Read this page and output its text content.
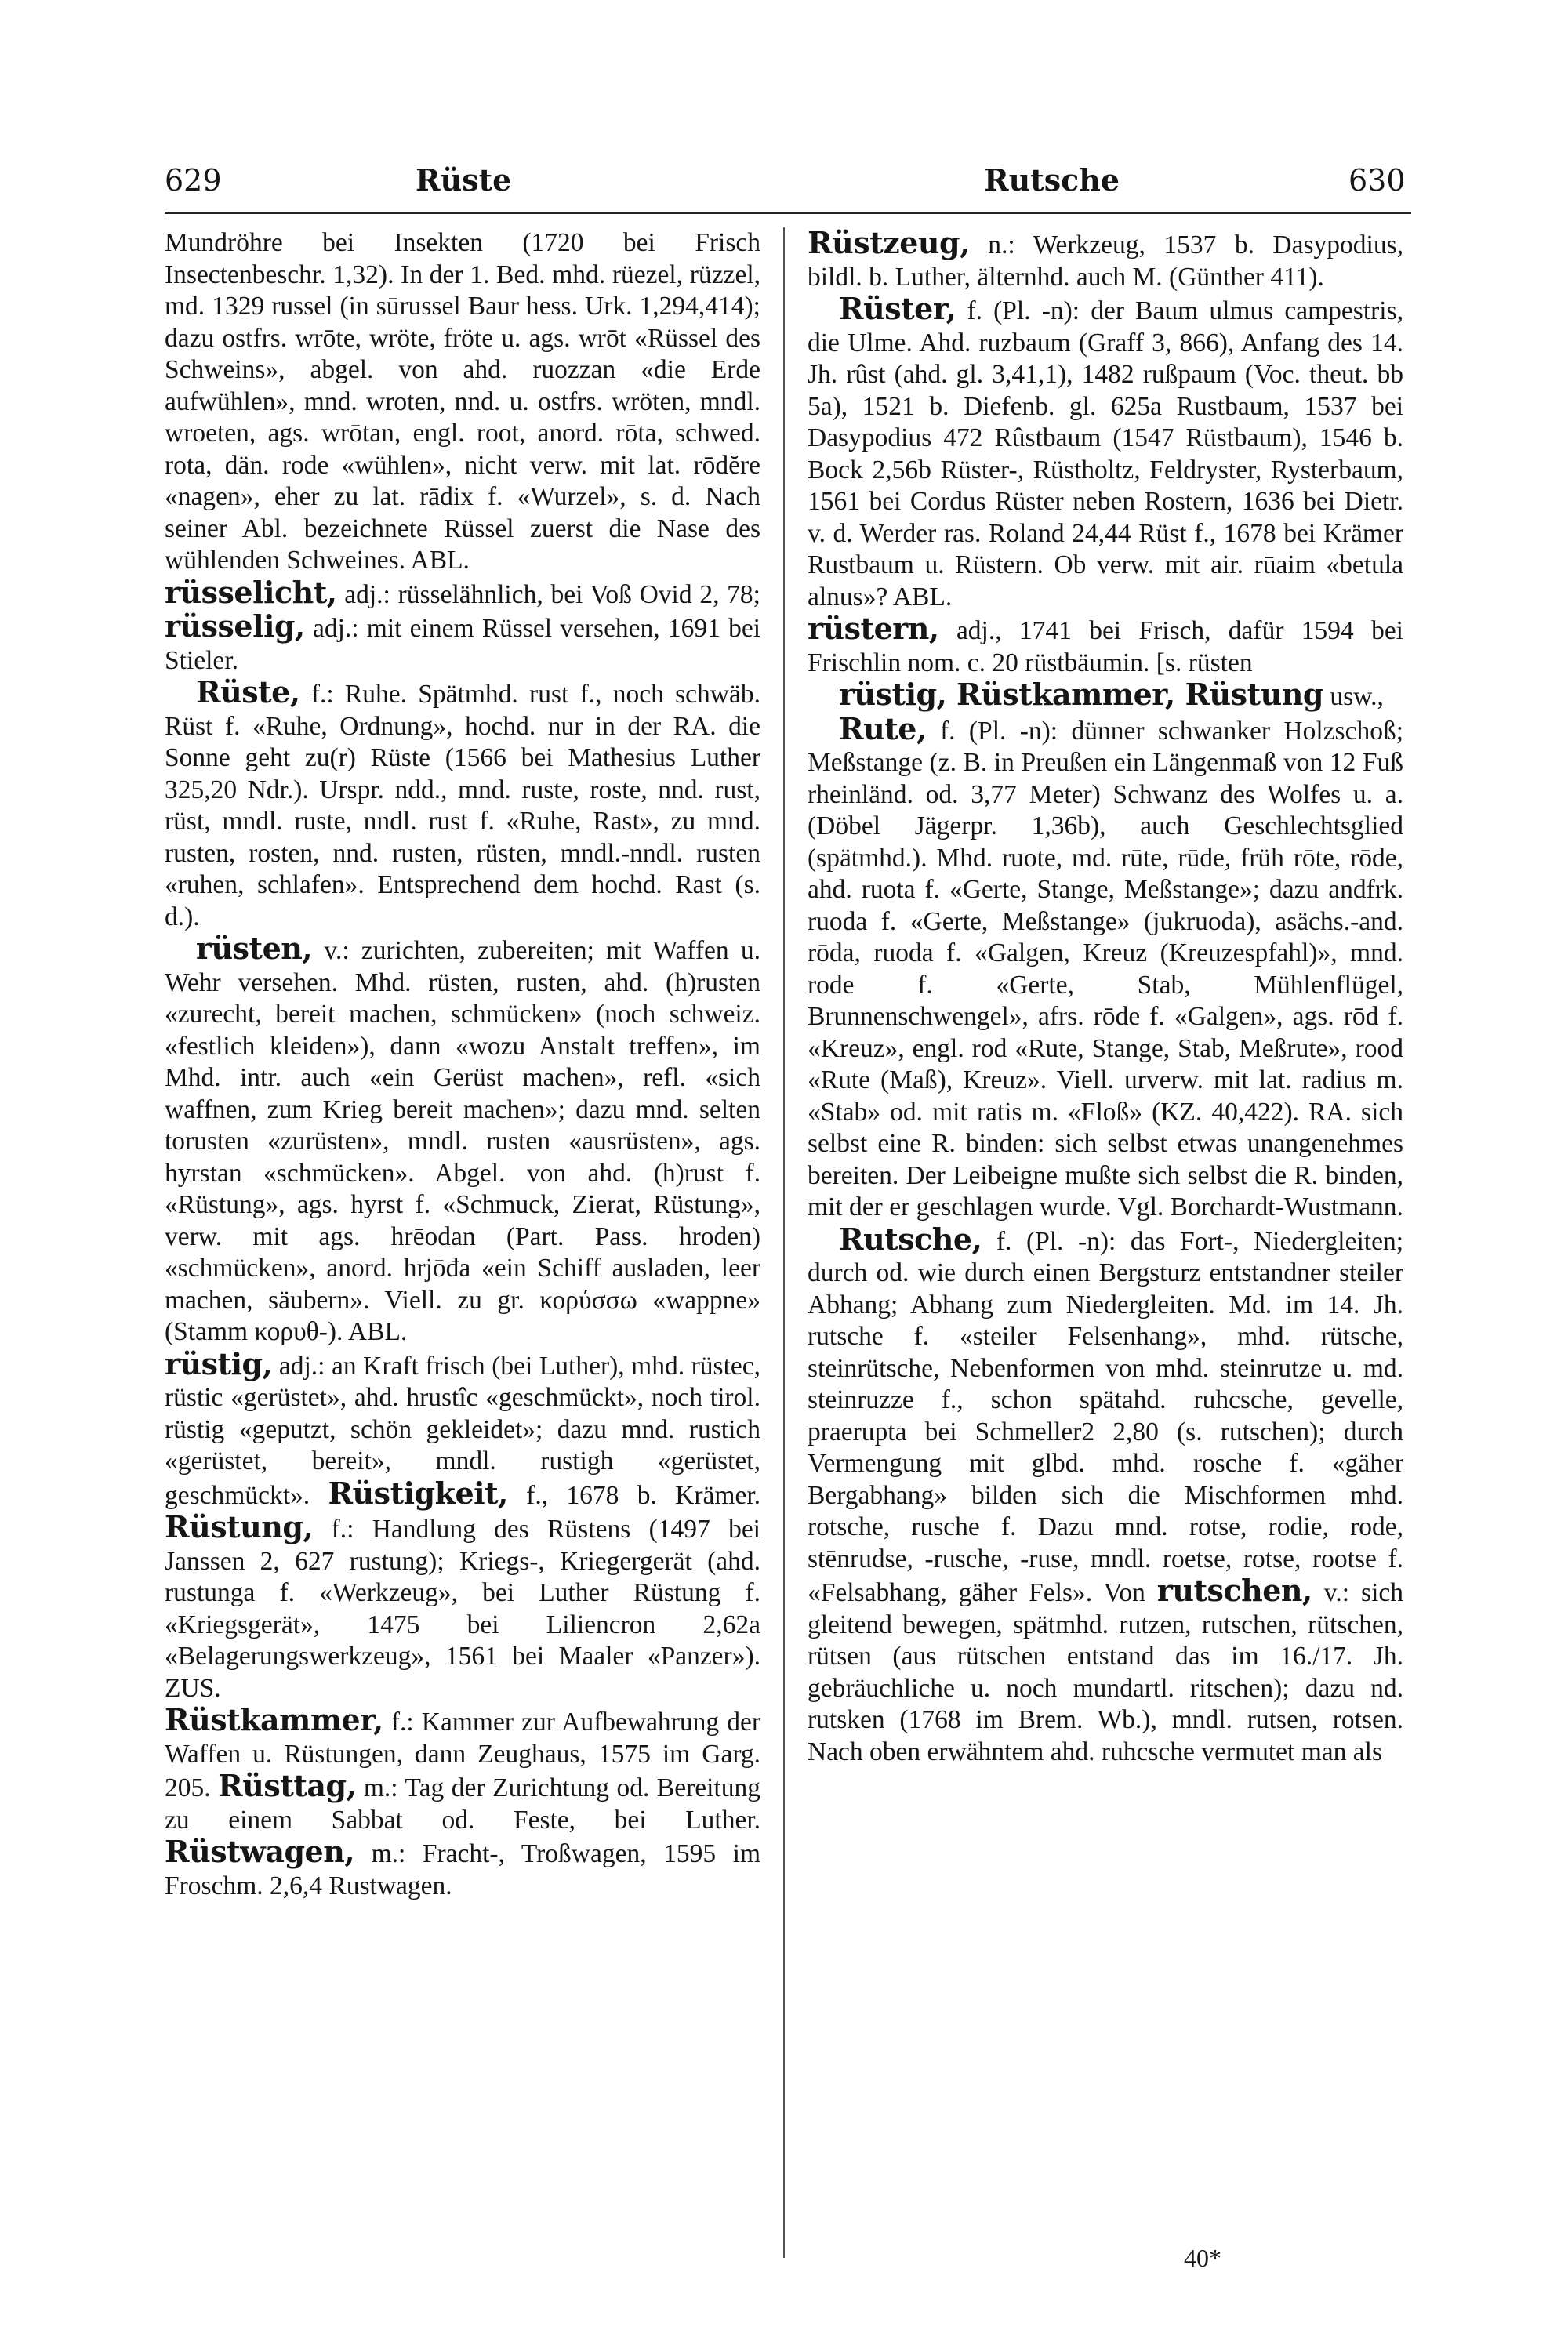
629	Rüste	Rutsche	630

Mundröhre bei Insekten (1720 bei Frisch Insectenbeschr. 1,32). In der 1. Bed. mhd. rüezel, rüzzel, md. 1329 russel (in sūrussel Baur hess. Urk. 1,294,414); dazu ostfrs. wrōte, wröte, fröte u. ags. wrōt «Rüssel des Schweins», abgel. von ahd. ruozzan «die Erde aufwühlen», mnd. wroten, nnd. u. ostfrs. wröten, mndl. wroeten, ags. wrōtan, engl. root, anord. rōta, schwed. rota, dän. rode «wühlen», nicht verw. mit lat. rōdĕre «nagen», eher zu lat. rādix f. «Wurzel», s. d. Nach seiner Abl. bezeichnete Rüssel zuerst die Nase des wühlenden Schweines. ABL.

rüsselicht, adj.: rüsselähnlich, bei Voß Ovid 2, 78; rüsselig, adj.: mit einem Rüssel versehen, 1691 bei Stieler.

Rüste, f.: Ruhe. Spätmhd. rust f., noch schwäb. Rüst f. «Ruhe, Ordnung», hochd. nur in der RA. die Sonne geht zu(r) Rüste (1566 bei Mathesius Luther 325,20 Ndr.). Urspr. ndd., mnd. ruste, roste, nnd. rust, rüst, mndl. ruste, nndl. rust f. «Ruhe, Rast», zu mnd. rusten, rosten, nnd. rusten, rüsten, mndl.-nndl. rusten «ruhen, schlafen». Entsprechend dem hochd. Rast (s. d.).

rüsten, v.: zurichten, zubereiten; mit Waffen u. Wehr versehen. Mhd. rüsten, rusten, ahd. (h)rusten «zurecht, bereit machen, schmücken» (noch schweiz. «festlich kleiden»), dann «wozu Anstalt treffen», im Mhd. intr. auch «ein Gerüst machen», refl. «sich waffnen, zum Krieg bereit machen»; dazu mnd. selten torusten «zurüsten», mndl. rusten «ausrüsten», ags. hyrstan «schmücken». Abgel. von ahd. (h)rust f. «Rüstung», ags. hyrst f. «Schmuck, Zierat, Rüstung», verw. mit ags. hrēodan (Part. Pass. hroden) «schmücken», anord. hrjōđa «ein Schiff ausladen, leer machen, säubern». Viell. zu gr. κορύσσω «wappne» (Stamm κορυθ-). ABL.

rüstig, adj.: an Kraft frisch (bei Luther), mhd. rüstec, rüstic «gerüstet», ahd. hrustîc «geschmückt», noch tirol. rüstig «geputzt, schön gekleidet»; dazu mnd. rustich «gerüstet, bereit», mndl. rustigh «gerüstet, geschmückt». Rüstigkeit, f., 1678 b. Krämer. Rüstung, f.: Handlung des Rüstens (1497 bei Janssen 2, 627 rustung); Kriegs-, Kriegergerät (ahd. rustunga f. «Werkzeug», bei Luther Rüstung f. «Kriegsgerät», 1475 bei Liliencron 2,62a «Belagerungswerkzeug», 1561 bei Maaler «Panzer»). ZUS.

Rüstkammer, f.: Kammer zur Aufbewahrung der Waffen u. Rüstungen, dann Zeughaus, 1575 im Garg. 205. Rüsttag, m.: Tag der Zurichtung od. Bereitung zu einem Sabbat od. Feste, bei Luther. Rüstwagen, m.: Fracht-, Troßwagen, 1595 im Froschm. 2,6,4 Rustwagen.

Rüstzeug, n.: Werkzeug, 1537 b. Dasypodius, bildl. b. Luther, älternhd. auch M. (Günther 411).

Rüster, f. (Pl. -n): der Baum ulmus campestris, die Ulme. Ahd. ruzbaum (Graff 3, 866), Anfang des 14. Jh. rûst (ahd. gl. 3,41,1), 1482 rußpaum (Voc. theut. bb 5a), 1521 b. Diefenb. gl. 625a Rustbaum, 1537 bei Dasypodius 472 Rûstbaum (1547 Rüstbaum), 1546 b. Bock 2,56b Rüster-, Rüstholtz, Feldryster, Rysterbaum, 1561 bei Cordus Rüster neben Rostern, 1636 bei Dietr. v. d. Werder ras. Roland 24,44 Rüst f., 1678 bei Krämer Rustbaum u. Rüstern. Ob verw. mit air. rūaim «betula alnus»? ABL.

rüstern, adj., 1741 bei Frisch, dafür 1594 bei Frischlin nom. c. 20 rüstbäumin. [s. rüsten

rüstig, Rüstkammer, Rüstung usw.,

Rute, f. (Pl. -n): dünner schwanker Holzschoß; Meßstange (z. B. in Preußen ein Längenmaß von 12 Fuß rheinländ. od. 3,77 Meter) Schwanz des Wolfes u. a. (Döbel Jägerpr. 1,36b), auch Geschlechtsglied (spätmhd.). Mhd. ruote, md. rūte, rūde, früh rōte, rōde, ahd. ruota f. «Gerte, Stange, Meßstange»; dazu andfrk. ruoda f. «Gerte, Meßstange» (jukruoda), asächs.-and. rōda, ruoda f. «Galgen, Kreuz (Kreuzespfahl)», mnd. rode f. «Gerte, Stab, Mühlenflügel, Brunnenschwengel», afrs. rōde f. «Galgen», ags. rōd f. «Kreuz», engl. rod «Rute, Stange, Stab, Meßrute», rood «Rute (Maß), Kreuz». Viell. urverw. mit lat. radius m. «Stab» od. mit ratis m. «Floß» (KZ. 40,422). RA. sich selbst eine R. binden: sich selbst etwas unangenehmes bereiten. Der Leibeigne mußte sich selbst die R. binden, mit der er geschlagen wurde. Vgl. Borchardt-Wustmann.

Rutsche, f. (Pl. -n): das Fort-, Niedergleiten; durch od. wie durch einen Bergsturz entstandner steiler Abhang; Abhang zum Niedergleiten. Md. im 14. Jh. rutsche f. «steiler Felsenhang», mhd. rütsche, steinrütsche, Nebenformen von mhd. steinrutze u. md. steinruzze f., schon spätahd. ruhcsche, gevelle, praerupta bei Schmeller2 2,80 (s. rutschen); durch Vermengung mit glbd. mhd. rosche f. «gäher Bergabhang» bilden sich die Mischformen mhd. rotsche, rusche f. Dazu mnd. rotse, rodie, rode, stēnrudse, -rusche, -ruse, mndl. roetse, rotse, rootse f. «Felsabhang, gäher Fels». Von rutschen, v.: sich gleitend bewegen, spätmhd. rutzen, rutschen, rütschen, rütsen (aus rütschen entstand das im 16./17. Jh. gebräuchliche u. noch mundartl. ritschen); dazu nd. rutsken (1768 im Brem. Wb.), mndl. rutsen, rotsen. Nach oben erwähntem ahd. ruhcsche vermutet man als

40*
